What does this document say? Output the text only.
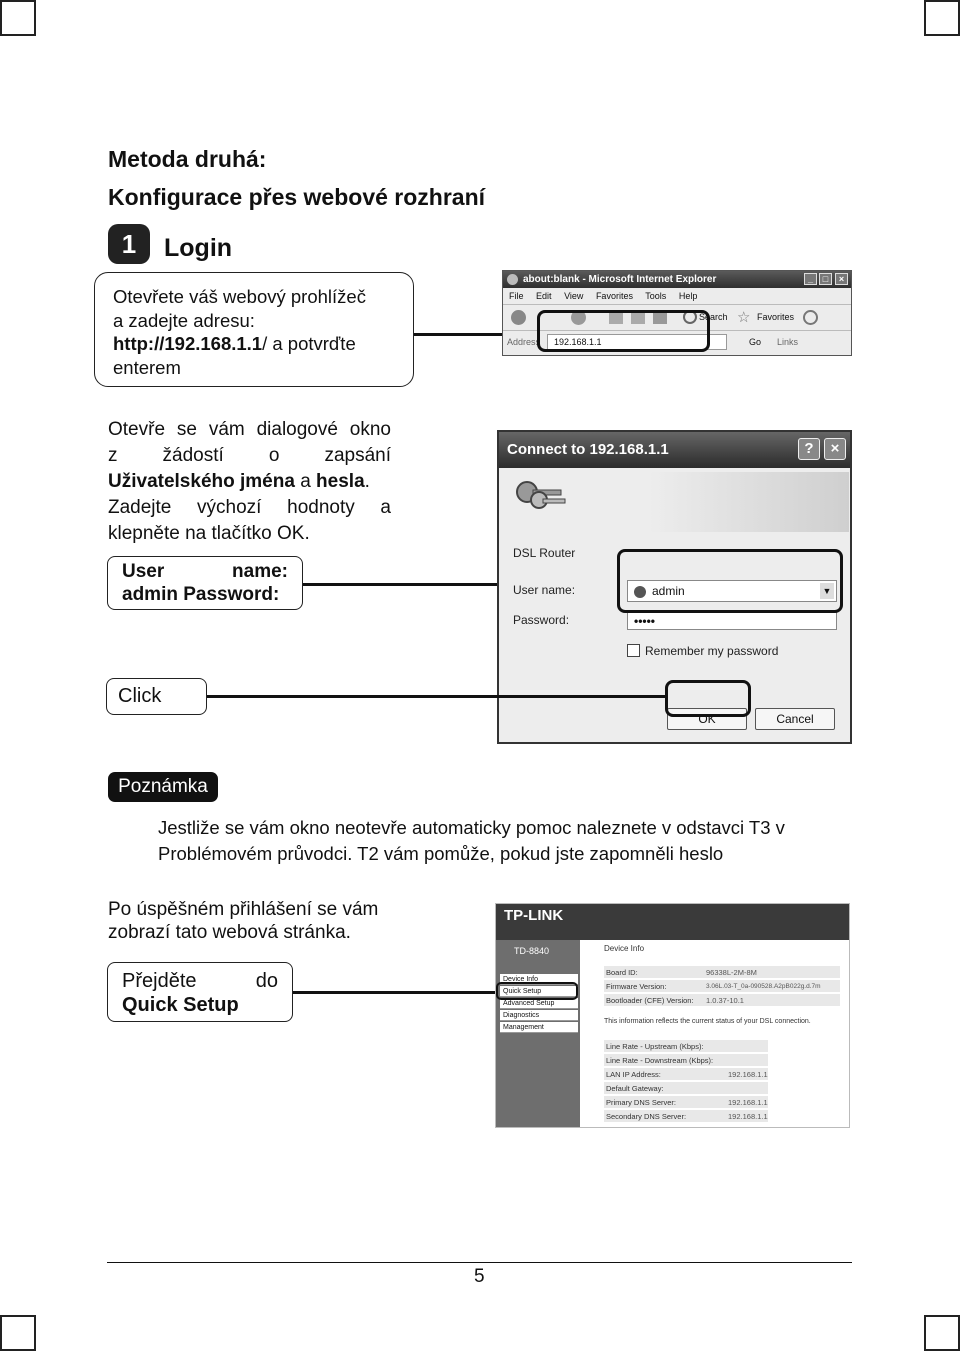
Metoda druhá:
Konfigurace přes webové rozhraní
1	Login
Otevřete váš webový prohlížeč
a zadejte adresu:
http://192.168.1.1/ a potvrďte
enterem
about:blank - Microsoft Internet Explorer	_	□	×
File Edit View Favorites Tools Help
Search ☆ Favorites
Address	192.168.1.1	Go Links
Otevře se vám dialogové okno
z žádostí o zapsání
Uživatelského jména a hesla.
Zadejte výchozí hodnoty a
klepněte na tlačítko OK.
User name:
admin Password:
Connect to 192.168.1.1	?	×
DSL Router
User name:	admin	▼
Password:	•••••
Remember my password
OK	Cancel
Click
Poznámka
Jestliže se vám okno neotevře automaticky pomoc naleznete v odstavci T3 v
Problémovém průvodci. T2 vám pomůže, pokud jste zapomněli heslo
Po úspěšném přihlášení se vám
zobrazí tato webová stránka.
Přejděte do
Quick Setup
TP-LINK
TD-8840
Device Info
Quick Setup
Advanced Setup
Diagnostics
Management
Device Info
Board ID:	96338L-2M-8M
Firmware Version:	3.06L.03-T_0a-090528.A2pB022g.d.7m
Bootloader (CFE) Version: 1.0.37-10.1
This information reflects the current status of your DSL connection.
Line Rate - Upstream (Kbps):
Line Rate - Downstream (Kbps):
LAN IP Address:	192.168.1.1
Default Gateway:
Primary DNS Server:	192.168.1.1
Secondary DNS Server:	192.168.1.1
5
